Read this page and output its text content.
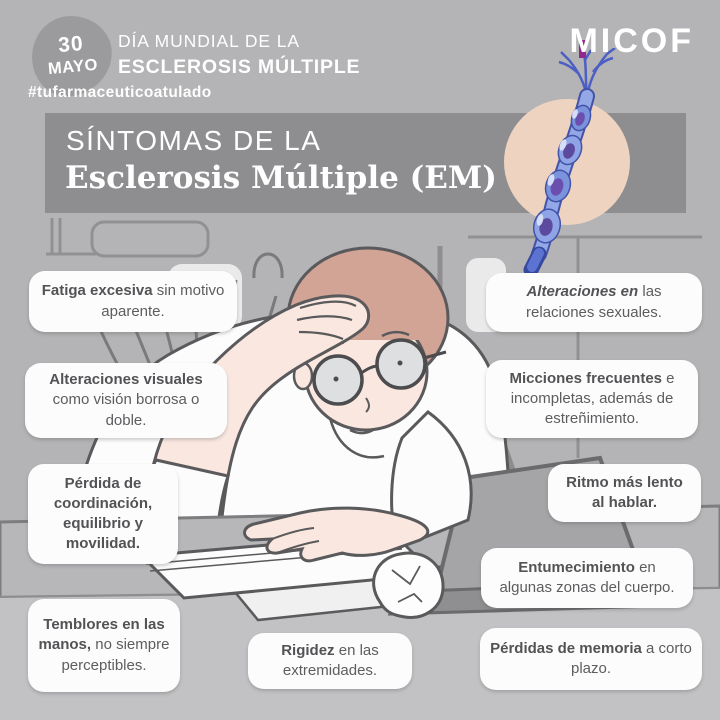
SÍNTOMAS DE LA
Esclerosis Múltiple (EM)
30
MAYO
DÍA MUNDIAL DE LA
ESCLEROSIS MÚLTIPLE
#tufarmaceuticoatulado
MICOF
Fatiga excesiva sin motivo aparente.
Alteraciones visuales como visión borrosa o doble.
Pérdida de coordinación, equilibrio y movilidad.
Temblores en las manos, no siempre perceptibles.
Rigidez en las extremidades.
Alteraciones en las relaciones sexuales.
Micciones frecuentes e incompletas, además de estreñimiento.
Ritmo más lento al hablar.
Entumecimiento en algunas zonas del cuerpo.
Pérdidas de memoria a corto plazo.
